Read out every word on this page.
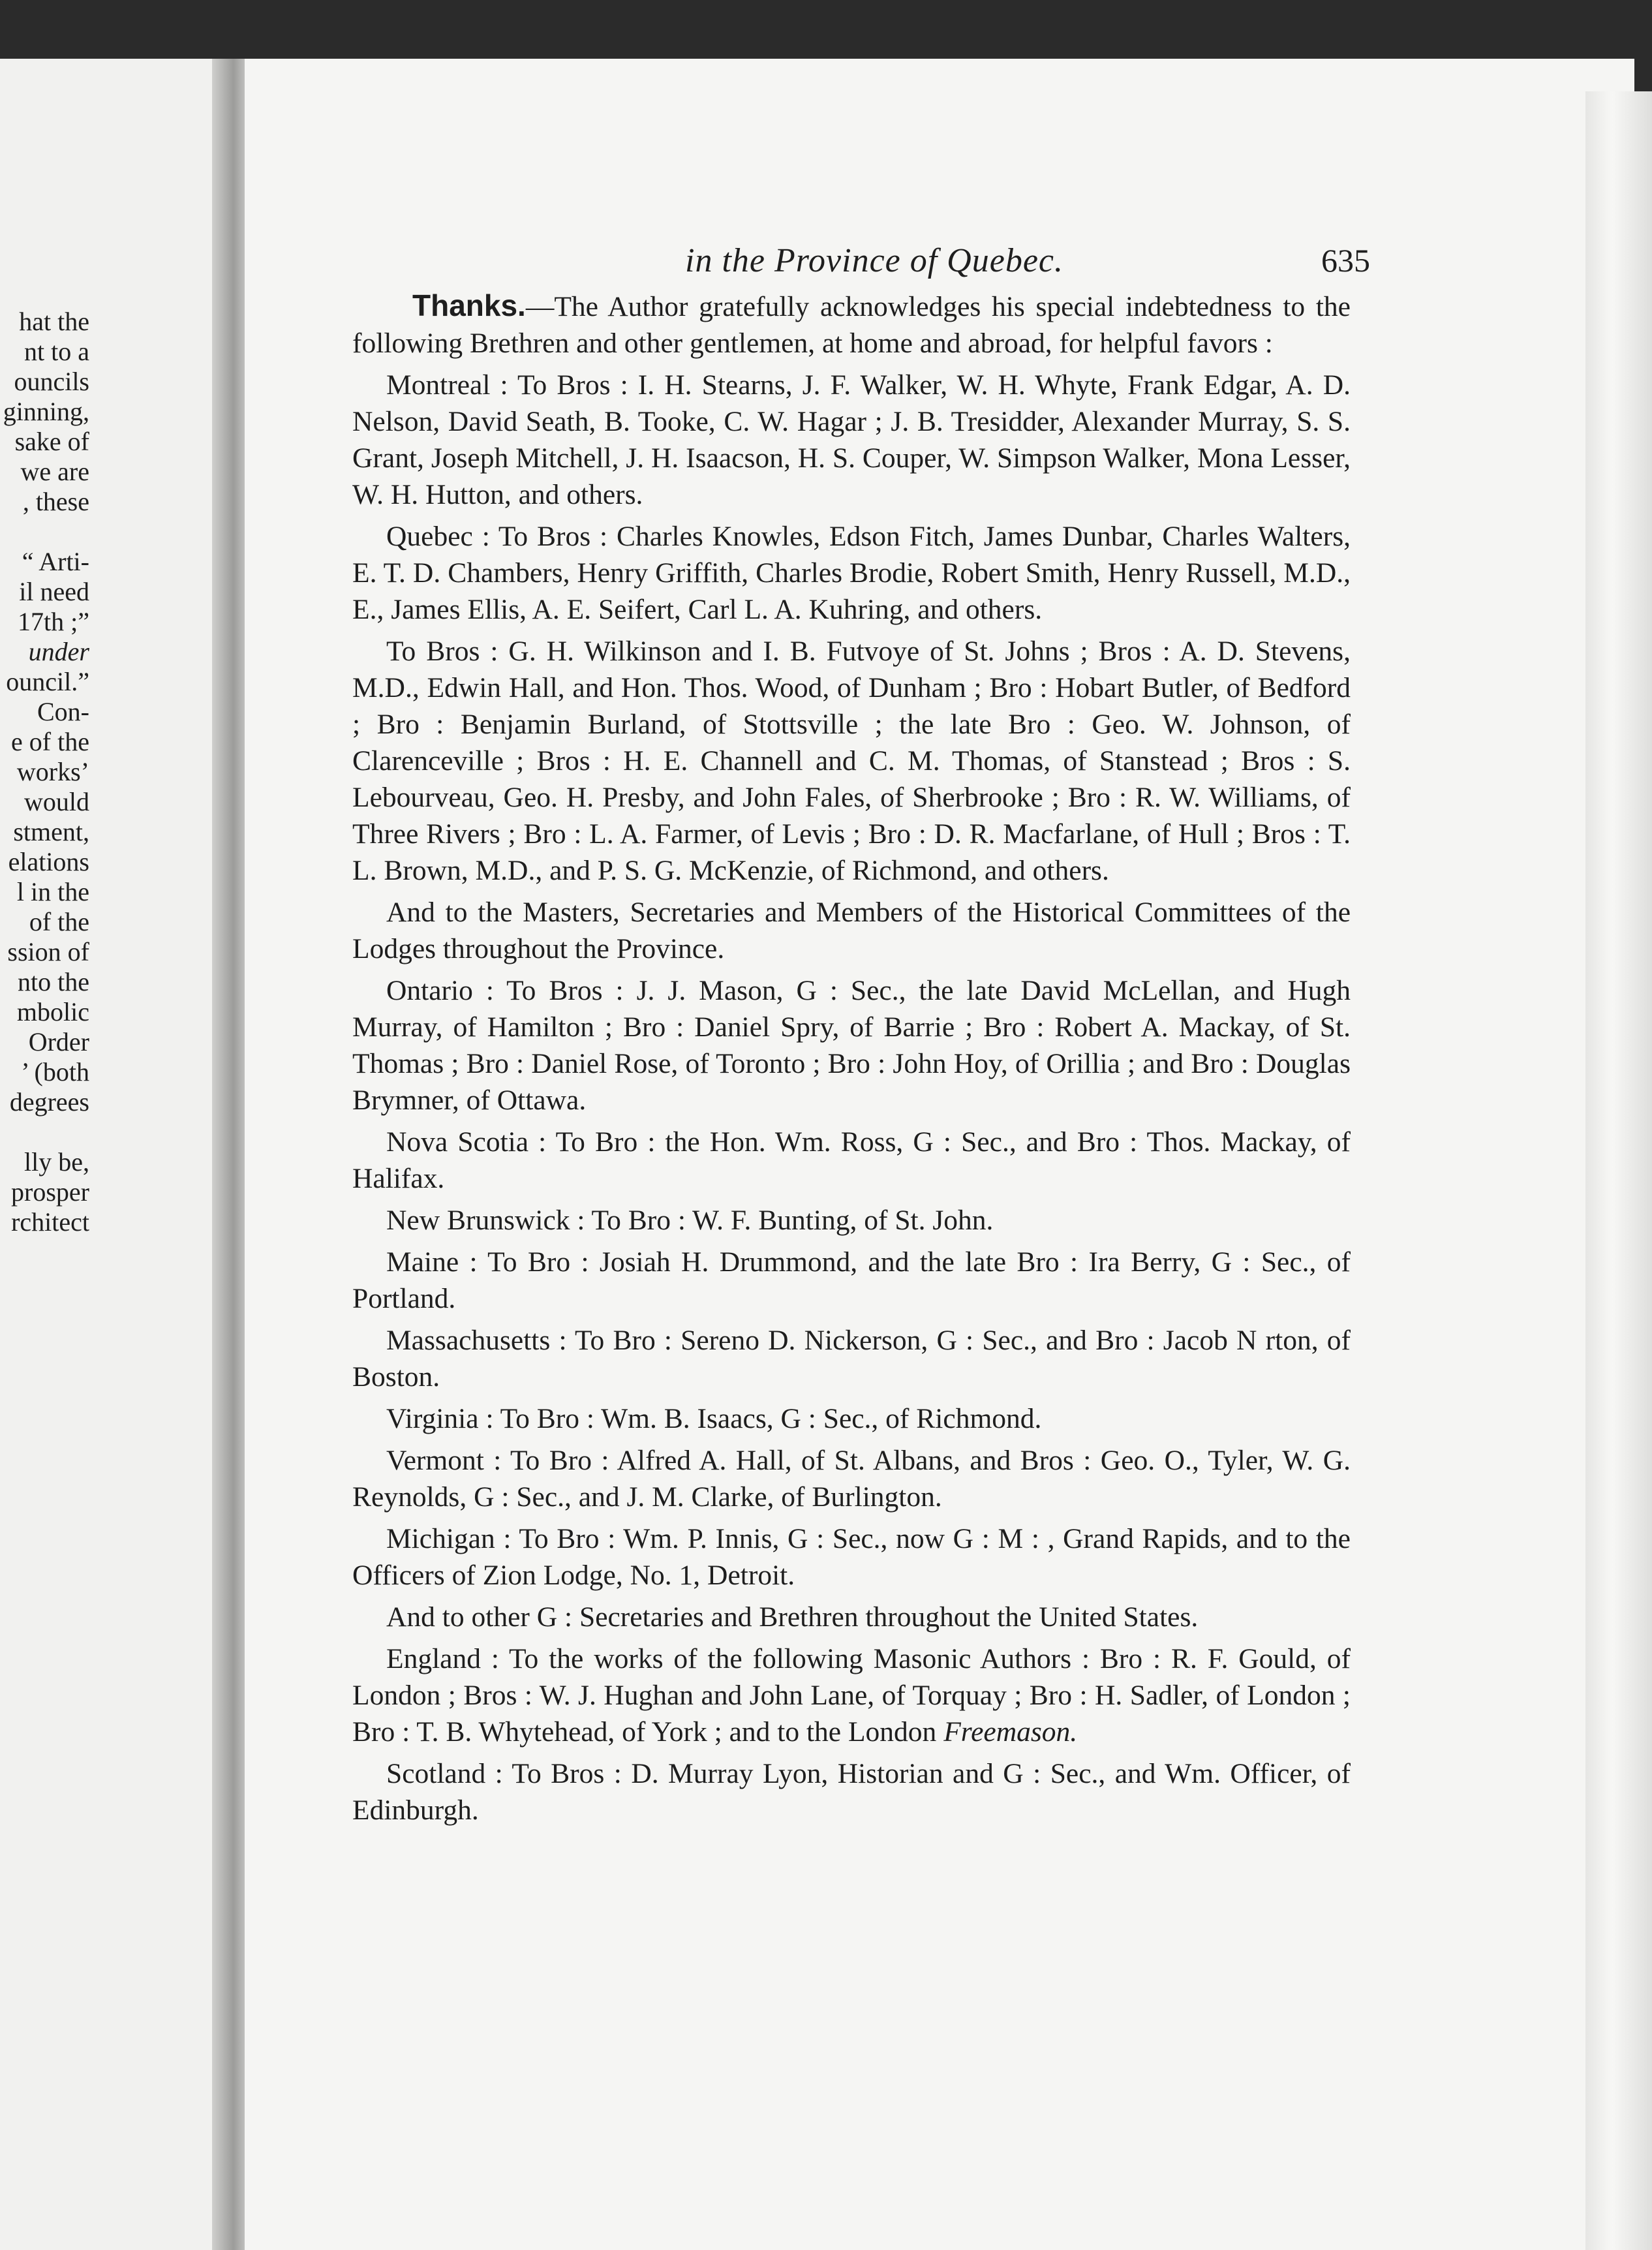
hat the
nt to a
ouncils
ginning,
sake of
we are
, these
“ Arti-
il need
17th ;”
under
ouncil.”
Con-
e of the
works’
would
stment,
elations
l in the
of the
ssion of
nto the
mbolic
Order
’ (both
degrees
lly be,
prosper
rchitect
in the Province of Quebec.	635

Thanks.—The Author gratefully acknowledges his special indebtedness to the following Brethren and other gentlemen, at home and abroad, for helpful favors :

Montreal : To Bros : I. H. Stearns, J. F. Walker, W. H. Whyte, Frank Edgar, A. D. Nelson, David Seath, B. Tooke, C. W. Hagar ; J. B. Tresidder, Alexander Murray, S. S. Grant, Joseph Mitchell, J. H. Isaacson, H. S. Couper, W. Simpson Walker, Mona Lesser, W. H. Hutton, and others.

Quebec : To Bros : Charles Knowles, Edson Fitch, James Dunbar, Charles Walters, E. T. D. Chambers, Henry Griffith, Charles Brodie, Robert Smith, Henry Russell, M.D., E., James Ellis, A. E. Seifert, Carl L. A. Kuhring, and others.

To Bros : G. H. Wilkinson and I. B. Futvoye of St. Johns ; Bros : A. D. Stevens, M.D., Edwin Hall, and Hon. Thos. Wood, of Dunham ; Bro : Hobart Butler, of Bedford ; Bro : Benjamin Burland, of Stottsville ; the late Bro : Geo. W. Johnson, of Clarenceville ; Bros : H. E. Channell and C. M. Thomas, of Stanstead ; Bros : S. Lebourveau, Geo. H. Presby, and John Fales, of Sherbrooke ; Bro : R. W. Williams, of Three Rivers ; Bro : L. A. Farmer, of Levis ; Bro : D. R. Macfarlane, of Hull ; Bros : T. L. Brown, M.D., and P. S. G. McKenzie, of Richmond, and others.

And to the Masters, Secretaries and Members of the Historical Committees of the Lodges throughout the Province.

Ontario : To Bros : J. J. Mason, G : Sec., the late David McLellan, and Hugh Murray, of Hamilton ; Bro : Daniel Spry, of Barrie ; Bro : Robert A. Mackay, of St. Thomas ; Bro : Daniel Rose, of Toronto ; Bro : John Hoy, of Orillia ; and Bro : Douglas Brymner, of Ottawa.

Nova Scotia : To Bro : the Hon. Wm. Ross, G : Sec., and Bro : Thos. Mackay, of Halifax.

New Brunswick : To Bro : W. F. Bunting, of St. John.

Maine : To Bro : Josiah H. Drummond, and the late Bro : Ira Berry, G : Sec., of Portland.

Massachusetts : To Bro : Sereno D. Nickerson, G : Sec., and Bro : Jacob N rton, of Boston.

Virginia : To Bro : Wm. B. Isaacs, G : Sec., of Richmond.

Vermont : To Bro : Alfred A. Hall, of St. Albans, and Bros : Geo. O., Tyler, W. G. Reynolds, G : Sec., and J. M. Clarke, of Burlington.

Michigan : To Bro : Wm. P. Innis, G : Sec., now G : M : , Grand Rapids, and to the Officers of Zion Lodge, No. 1, Detroit.

And to other G : Secretaries and Brethren throughout the United States.

England : To the works of the following Masonic Authors : Bro : R. F. Gould, of London ; Bros : W. J. Hughan and John Lane, of Torquay ; Bro : H. Sadler, of London ; Bro : T. B. Whytehead, of York ; and to the London Freemason.

Scotland : To Bros : D. Murray Lyon, Historian and G : Sec., and Wm. Officer, of Edinburgh.
